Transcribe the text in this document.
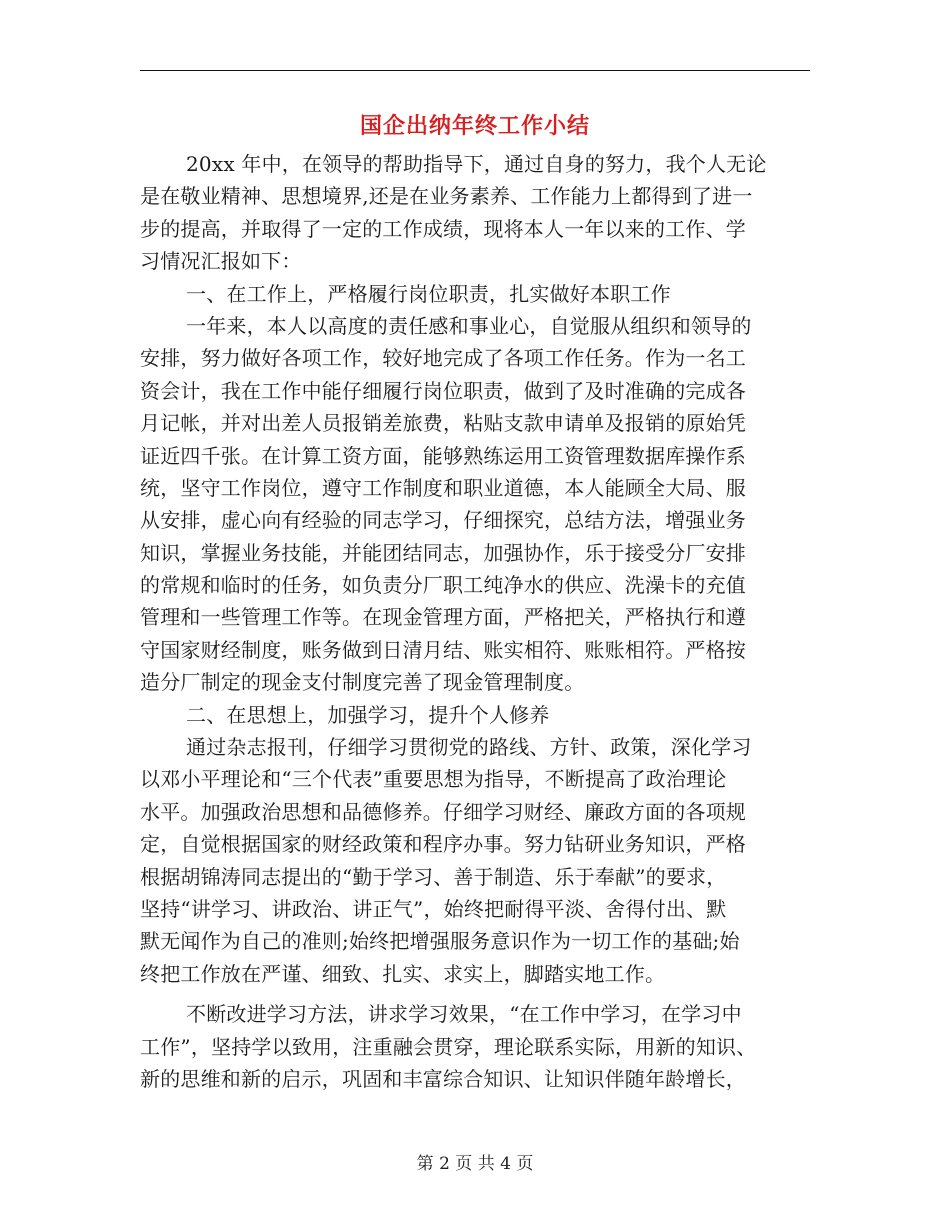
国企出纳年终工作小结
20xx 年中，在领导的帮助指导下，通过自身的努力，我个人无论
是在敬业精神、思想境界,还是在业务素养、工作能力上都得到了进一
步的提高，并取得了一定的工作成绩，现将本人一年以来的工作、学
习情况汇报如下：
一、在工作上，严格履行岗位职责，扎实做好本职工作
一年来，本人以高度的责任感和事业心，自觉服从组织和领导的
安排，努力做好各项工作，较好地完成了各项工作任务。作为一名工
资会计，我在工作中能仔细履行岗位职责，做到了及时准确的完成各
月记帐，并对出差人员报销差旅费，粘贴支款申请单及报销的原始凭
证近四千张。在计算工资方面，能够熟练运用工资管理数据库操作系
统，坚守工作岗位，遵守工作制度和职业道德，本人能顾全大局、服
从安排，虚心向有经验的同志学习，仔细探究，总结方法，增强业务
知识，掌握业务技能，并能团结同志，加强协作，乐于接受分厂安排
的常规和临时的任务，如负责分厂职工纯净水的供应、洗澡卡的充值
管理和一些管理工作等。在现金管理方面，严格把关，严格执行和遵
守国家财经制度，账务做到日清月结、账实相符、账账相符。严格按
造分厂制定的现金支付制度完善了现金管理制度。
二、在思想上，加强学习，提升个人修养
通过杂志报刊，仔细学习贯彻党的路线、方针、政策，深化学习
以邓小平理论和“三个代表”重要思想为指导，不断提高了政治理论
水平。加强政治思想和品德修养。仔细学习财经、廉政方面的各项规
定，自觉根据国家的财经政策和程序办事。努力钻研业务知识，严格
根据胡锦涛同志提出的“勤于学习、善于制造、乐于奉献”的要求，
坚持“讲学习、讲政治、讲正气”，始终把耐得平淡、舍得付出、默
默无闻作为自己的准则;始终把增强服务意识作为一切工作的基础;始
终把工作放在严谨、细致、扎实、求实上，脚踏实地工作。
不断改进学习方法，讲求学习效果，“在工作中学习，在学习中
工作”，坚持学以致用，注重融会贯穿，理论联系实际，用新的知识、
新的思维和新的启示，巩固和丰富综合知识、让知识伴随年龄增长，
第 2 页 共 4 页
